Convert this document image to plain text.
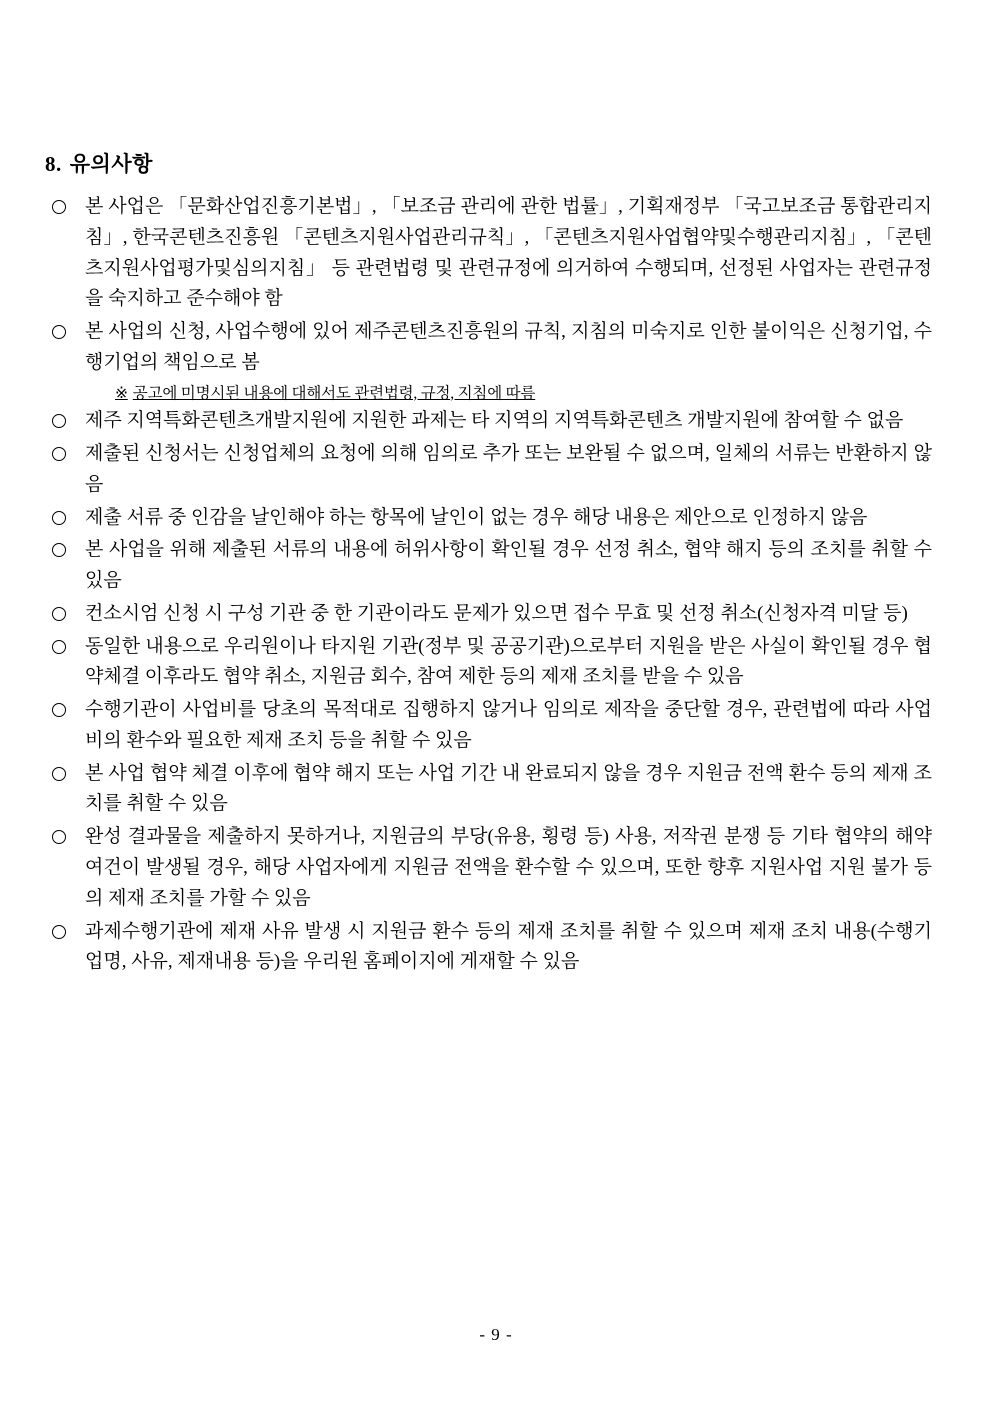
8. 유의사항
본 사업은 「문화산업진흥기본법」, 「보조금 관리에 관한 법률」, 기획재정부 「국고보조금 통합관리지침」, 한국콘텐츠진흥원 「콘텐츠지원사업관리규칙」, 「콘텐츠지원사업협약및수행관리지침」, 「콘텐츠지원사업평가및심의지침」 등 관련법령 및 관련규정에 의거하여 수행되며, 선정된 사업자는 관련규정을 숙지하고 준수해야 함
본 사업의 신청, 사업수행에 있어 제주콘텐츠진흥원의 규칙, 지침의 미숙지로 인한 불이익은 신청기업, 수행기업의 책임으로 봄
※ 공고에 미명시된 내용에 대해서도 관련법령, 규정, 지침에 따름
제주 지역특화콘텐츠개발지원에 지원한 과제는 타 지역의 지역특화콘텐츠 개발지원에 참여할 수 없음
제출된 신청서는 신청업체의 요청에 의해 임의로 추가 또는 보완될 수 없으며, 일체의 서류는 반환하지 않음
제출 서류 중 인감을 날인해야 하는 항목에 날인이 없는 경우 해당 내용은 제안으로 인정하지 않음
본 사업을 위해 제출된 서류의 내용에 허위사항이 확인될 경우 선정 취소, 협약 해지 등의 조치를 취할 수 있음
컨소시엄 신청 시 구성 기관 중 한 기관이라도 문제가 있으면 접수 무효 및 선정 취소(신청자격 미달 등)
동일한 내용으로 우리원이나 타지원 기관(정부 및 공공기관)으로부터 지원을 받은 사실이 확인될 경우 협약체결 이후라도 협약 취소, 지원금 회수, 참여 제한 등의 제재 조치를 받을 수 있음
수행기관이 사업비를 당초의 목적대로 집행하지 않거나 임의로 제작을 중단할 경우, 관련법에 따라 사업비의 환수와 필요한 제재 조치 등을 취할 수 있음
본 사업 협약 체결 이후에 협약 해지 또는 사업 기간 내 완료되지 않을 경우 지원금 전액 환수 등의 제재 조치를 취할 수 있음
완성 결과물을 제출하지 못하거나, 지원금의 부당(유용, 횡령 등) 사용, 저작권 분쟁 등 기타 협약의 해약 여건이 발생될 경우, 해당 사업자에게 지원금 전액을 환수할 수 있으며, 또한 향후 지원사업 지원 불가 등의 제재 조치를 가할 수 있음
과제수행기관에 제재 사유 발생 시 지원금 환수 등의 제재 조치를 취할 수 있으며 제재 조치 내용(수행기업명, 사유, 제재내용 등)을 우리원 홈페이지에 게재할 수 있음
- 9 -
